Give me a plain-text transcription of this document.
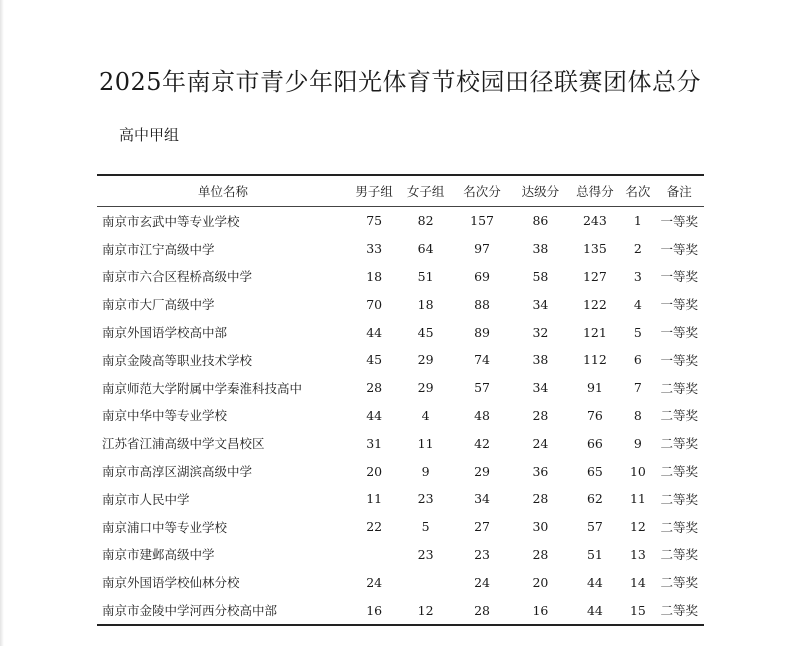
2025年南京市青少年阳光体育节校园田径联赛团体总分
高中甲组
单位名称	男子组	女子组	名次分	达级分	总得分	名次	备注
南京市玄武中等专业学校	75	82	157	86	243	1	一等奖
南京市江宁高级中学	33	64	97	38	135	2	一等奖
南京市六合区程桥高级中学	18	51	69	58	127	3	一等奖
南京市大厂高级中学	70	18	88	34	122	4	一等奖
南京外国语学校高中部	44	45	89	32	121	5	一等奖
南京金陵高等职业技术学校	45	29	74	38	112	6	一等奖
南京师范大学附属中学秦淮科技高中	28	29	57	34	91	7	二等奖
南京中华中等专业学校	44	4	48	28	76	8	二等奖
江苏省江浦高级中学文昌校区	31	11	42	24	66	9	二等奖
南京市高淳区湖滨高级中学	20	9	29	36	65	10	二等奖
南京市人民中学	11	23	34	28	62	11	二等奖
南京浦口中等专业学校	22	5	27	30	57	12	二等奖
南京市建邺高级中学		23	23	28	51	13	二等奖
南京外国语学校仙林分校	24		24	20	44	14	二等奖
南京市金陵中学河西分校高中部	16	12	28	16	44	15	二等奖
